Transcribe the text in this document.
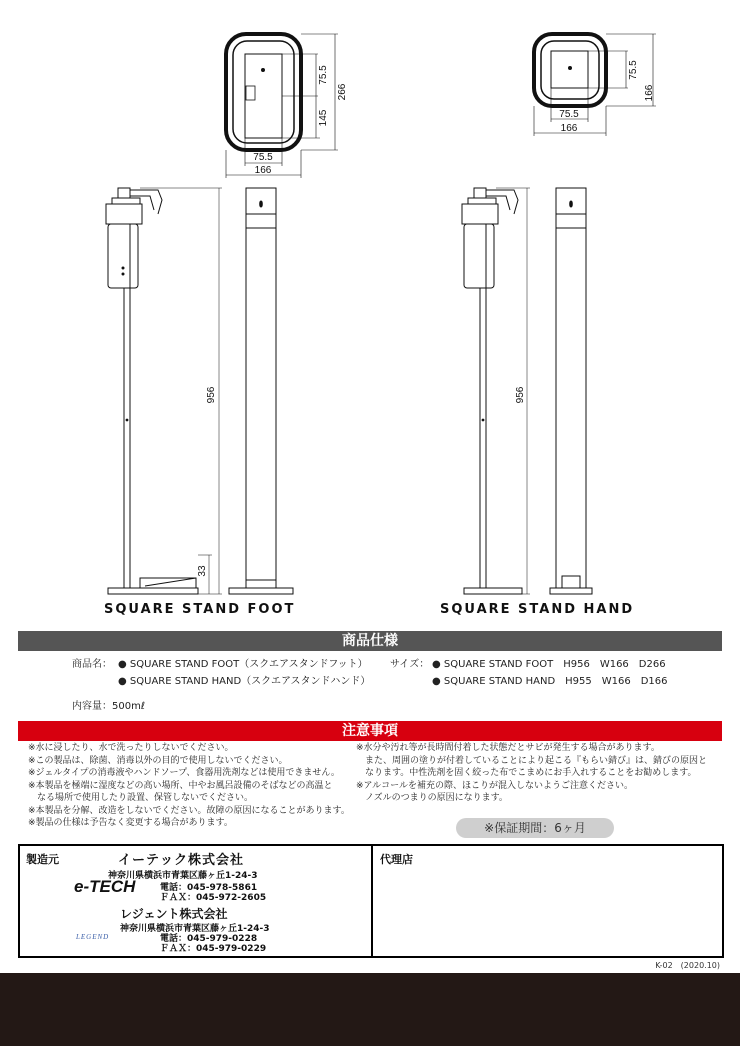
75.5
266
145
75.5
166
75.5
166
75.5
166
956
33
956
SQUARE STAND FOOT	SQUARE STAND HAND
商品仕様
商品名： ● SQUARE STAND FOOT（スクエアスタンドフット）
● SQUARE STAND HAND（スクエアスタンドハンド）
サイズ： ● SQUARE STAND FOOT　H956　W166　D266
● SQUARE STAND HAND　H955　W166　D166
内容量：500mℓ
注意事項
※水に浸したり、水で洗ったりしないでください。
※この製品は、除菌、消毒以外の目的で使用しないでください。
※ジェルタイプの消毒液やハンドソープ、食器用洗剤などは使用できません。
※本製品を極端に湿度などの高い場所、中やお風呂設備のそばなどの高温と
　なる場所で使用したり設置、保管しないでください。
※本製品を分解、改造をしないでください。故障の原因になることがあります。
※製品の仕様は予告なく変更する場合があります。
※水分や汚れ等が長時間付着した状態だとサビが発生する場合があります。
　また、周囲の塗りが付着していることにより起こる『もらい錆び』は、錆びの原因と
　なります。中性洗剤を固く絞った布でこまめにお手入れすることをお勧めします。
※アルコールを補充の際、ほこりが混入しないようご注意ください。
　ノズルのつまりの原因になります。
※保証期間：6ヶ月
製造元	イーテック株式会社
神奈川県横浜市青葉区藤ヶ丘1-24-3
e-TECH	電話：045-978-5861
ＦＡＸ：045-972-2605
レジェント株式会社
神奈川県横浜市青葉区藤ヶ丘1-24-3
LEGEND	電話：045-979-0228
ＦＡＸ：045-979-0229
代理店
K-02　(2020.10)
